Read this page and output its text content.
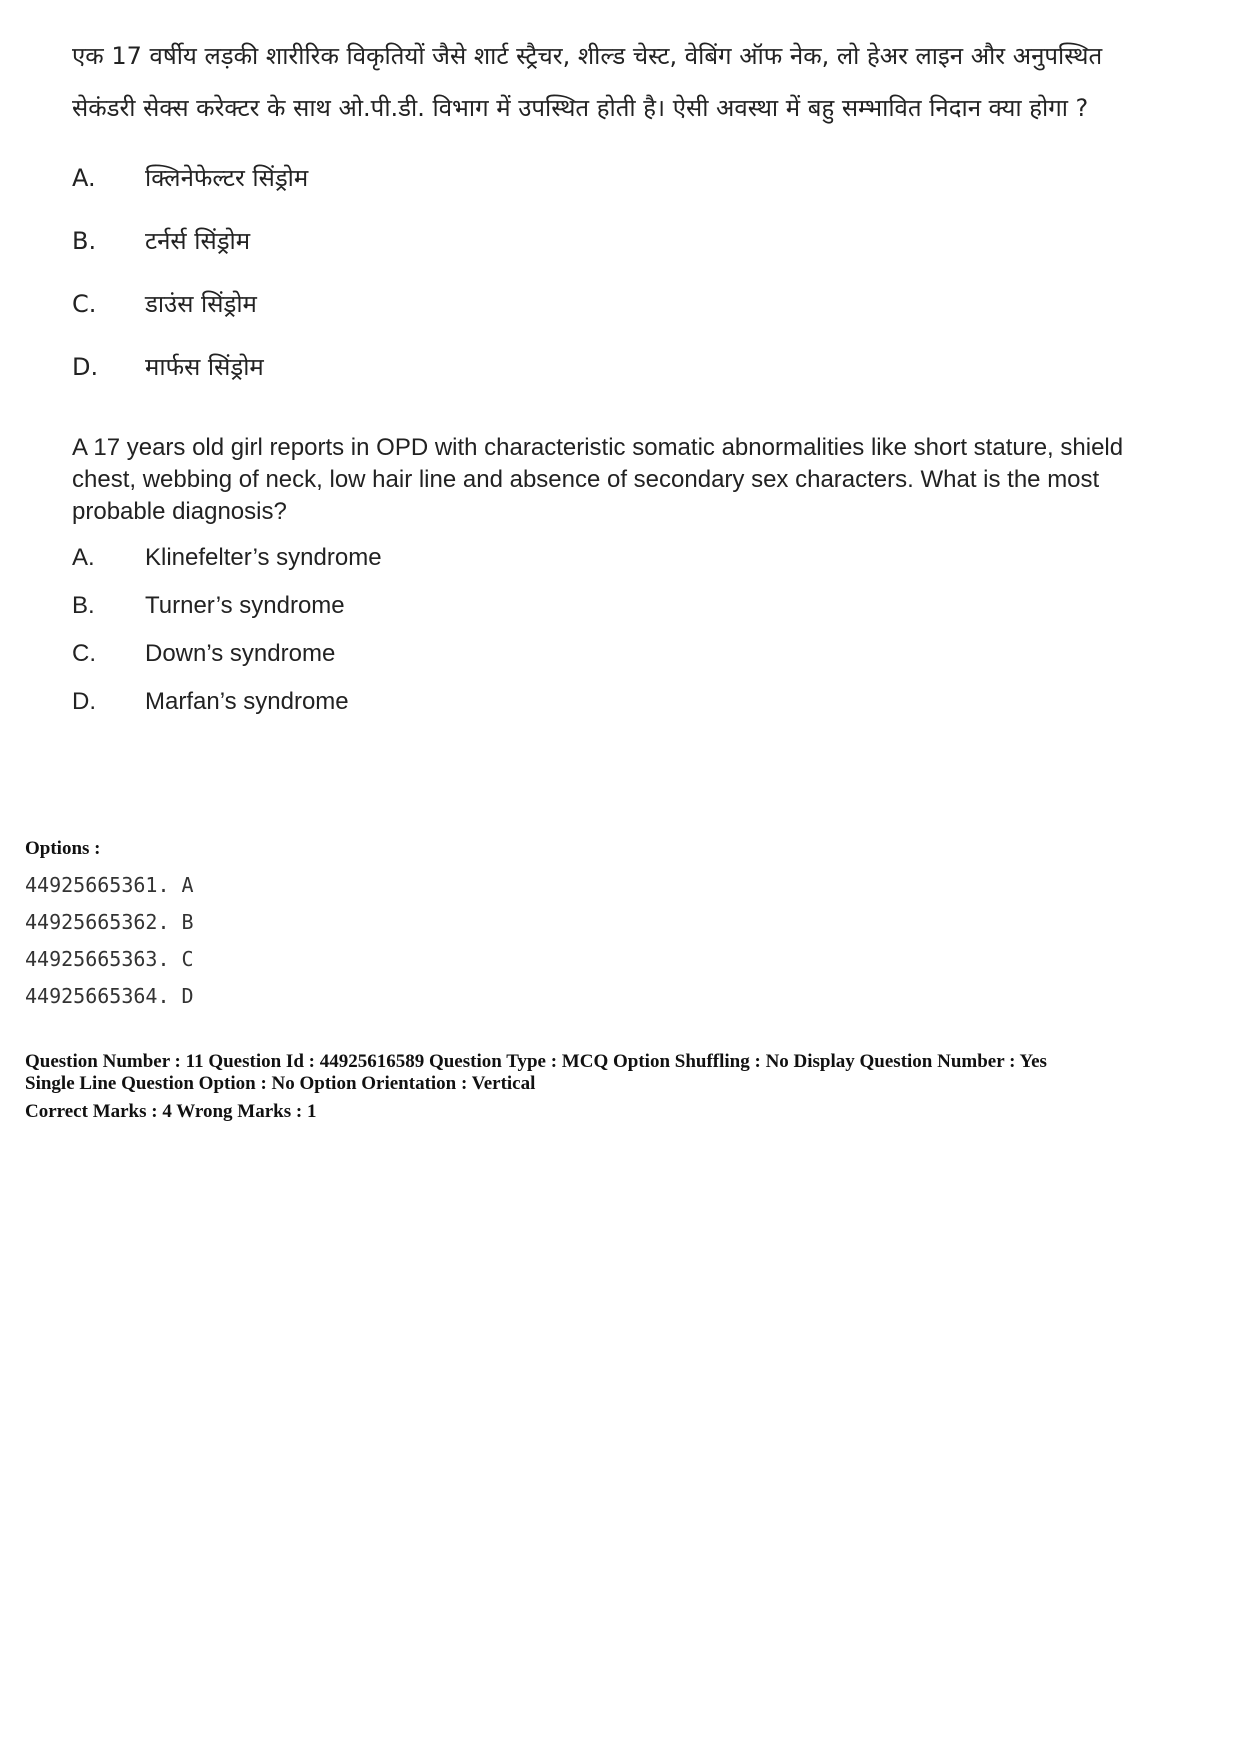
एक 17 वर्षीय लड़की शारीरिक विकृतियों जैसे शार्ट स्ट्रैचर, शील्ड चेस्ट, वेबिंग ऑफ नेक, लो हेअर लाइन और अनुपस्थित सेकंडरी सेक्स करेक्टर के साथ ओ.पी.डी. विभाग में उपस्थित होती है। ऐसी अवस्था में बहु सम्भावित निदान क्या होगा ?
A.	क्लिनेफेल्टर सिंड्रोम
B.	टर्नर्स सिंड्रोम
C.	डाउंस सिंड्रोम
D.	मार्फस सिंड्रोम
A 17 years old girl reports in OPD with characteristic somatic abnormalities like short stature, shield chest, webbing of neck, low hair line and absence of secondary sex characters. What is the most probable diagnosis?
A.	Klinefelter’s syndrome
B.	Turner’s syndrome
C.	Down’s syndrome
D.	Marfan’s syndrome
Options :
44925665361. A
44925665362. B
44925665363. C
44925665364. D
Question Number : 11 Question Id : 44925616589 Question Type : MCQ Option Shuffling : No Display Question Number : Yes
Single Line Question Option : No Option Orientation : Vertical
Correct Marks : 4 Wrong Marks : 1
